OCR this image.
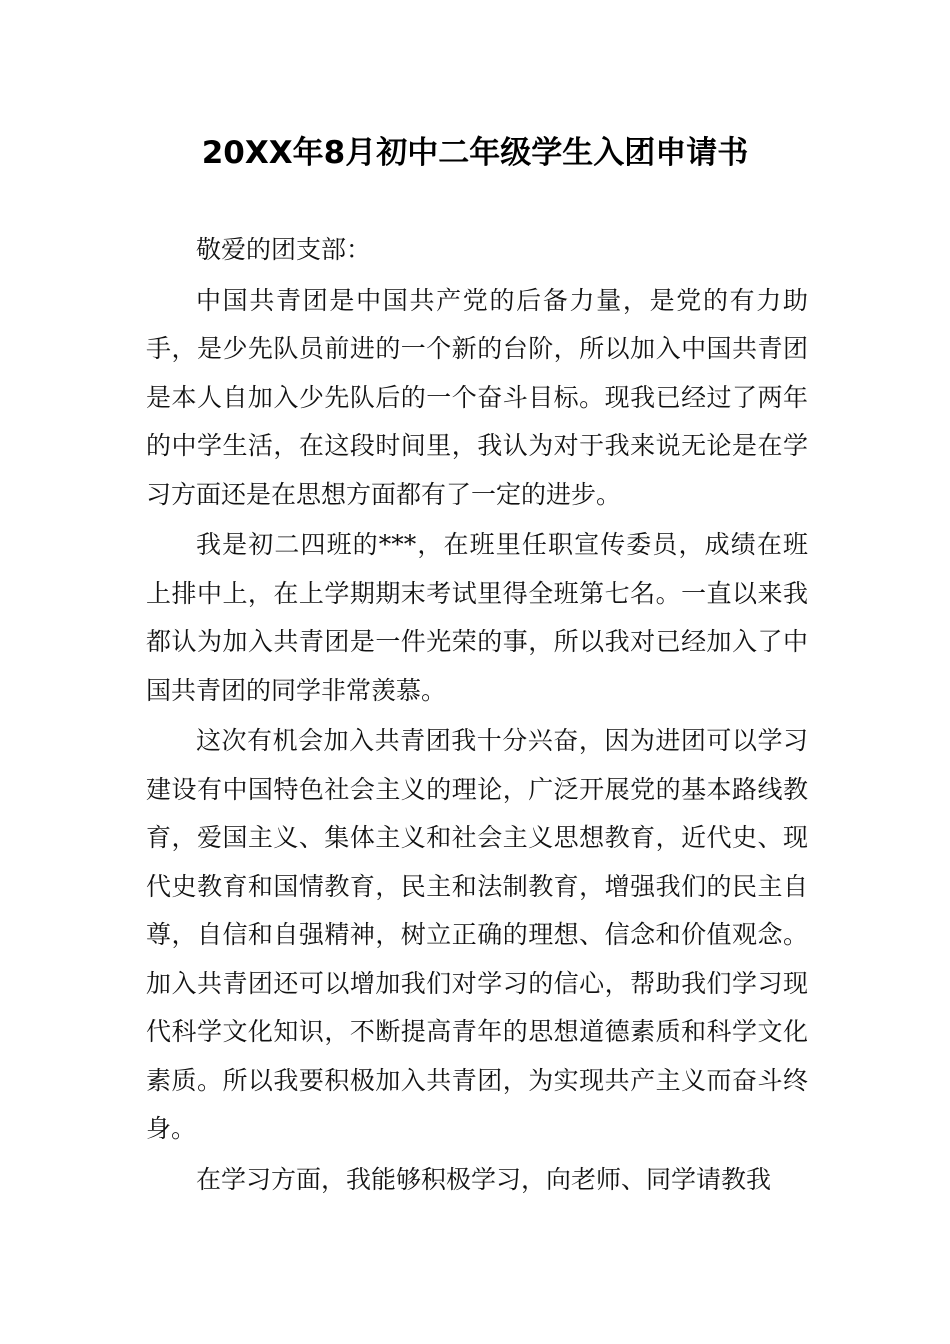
20XX年8月初中二年级学生入团申请书
敬爱的团支部：

中国共青团是中国共产党的后备力量，是党的有力助手，是少先队员前进的一个新的台阶，所以加入中国共青团是本人自加入少先队后的一个奋斗目标。现我已经过了两年的中学生活，在这段时间里，我认为对于我来说无论是在学习方面还是在思想方面都有了一定的进步。

我是初二四班的***，在班里任职宣传委员，成绩在班上排中上，在上学期期末考试里得全班第七名。一直以来我都认为加入共青团是一件光荣的事，所以我对已经加入了中国共青团的同学非常羡慕。

这次有机会加入共青团我十分兴奋，因为进团可以学习建设有中国特色社会主义的理论，广泛开展党的基本路线教育，爱国主义、集体主义和社会主义思想教育，近代史、现代史教育和国情教育，民主和法制教育，增强我们的民主自尊，自信和自强精神，树立正确的理想、信念和价值观念。加入共青团还可以增加我们对学习的信心，帮助我们学习现代科学文化知识，不断提高青年的思想道德素质和科学文化素质。所以我要积极加入共青团，为实现共产主义而奋斗终身。

在学习方面，我能够积极学习，向老师、同学请教我
